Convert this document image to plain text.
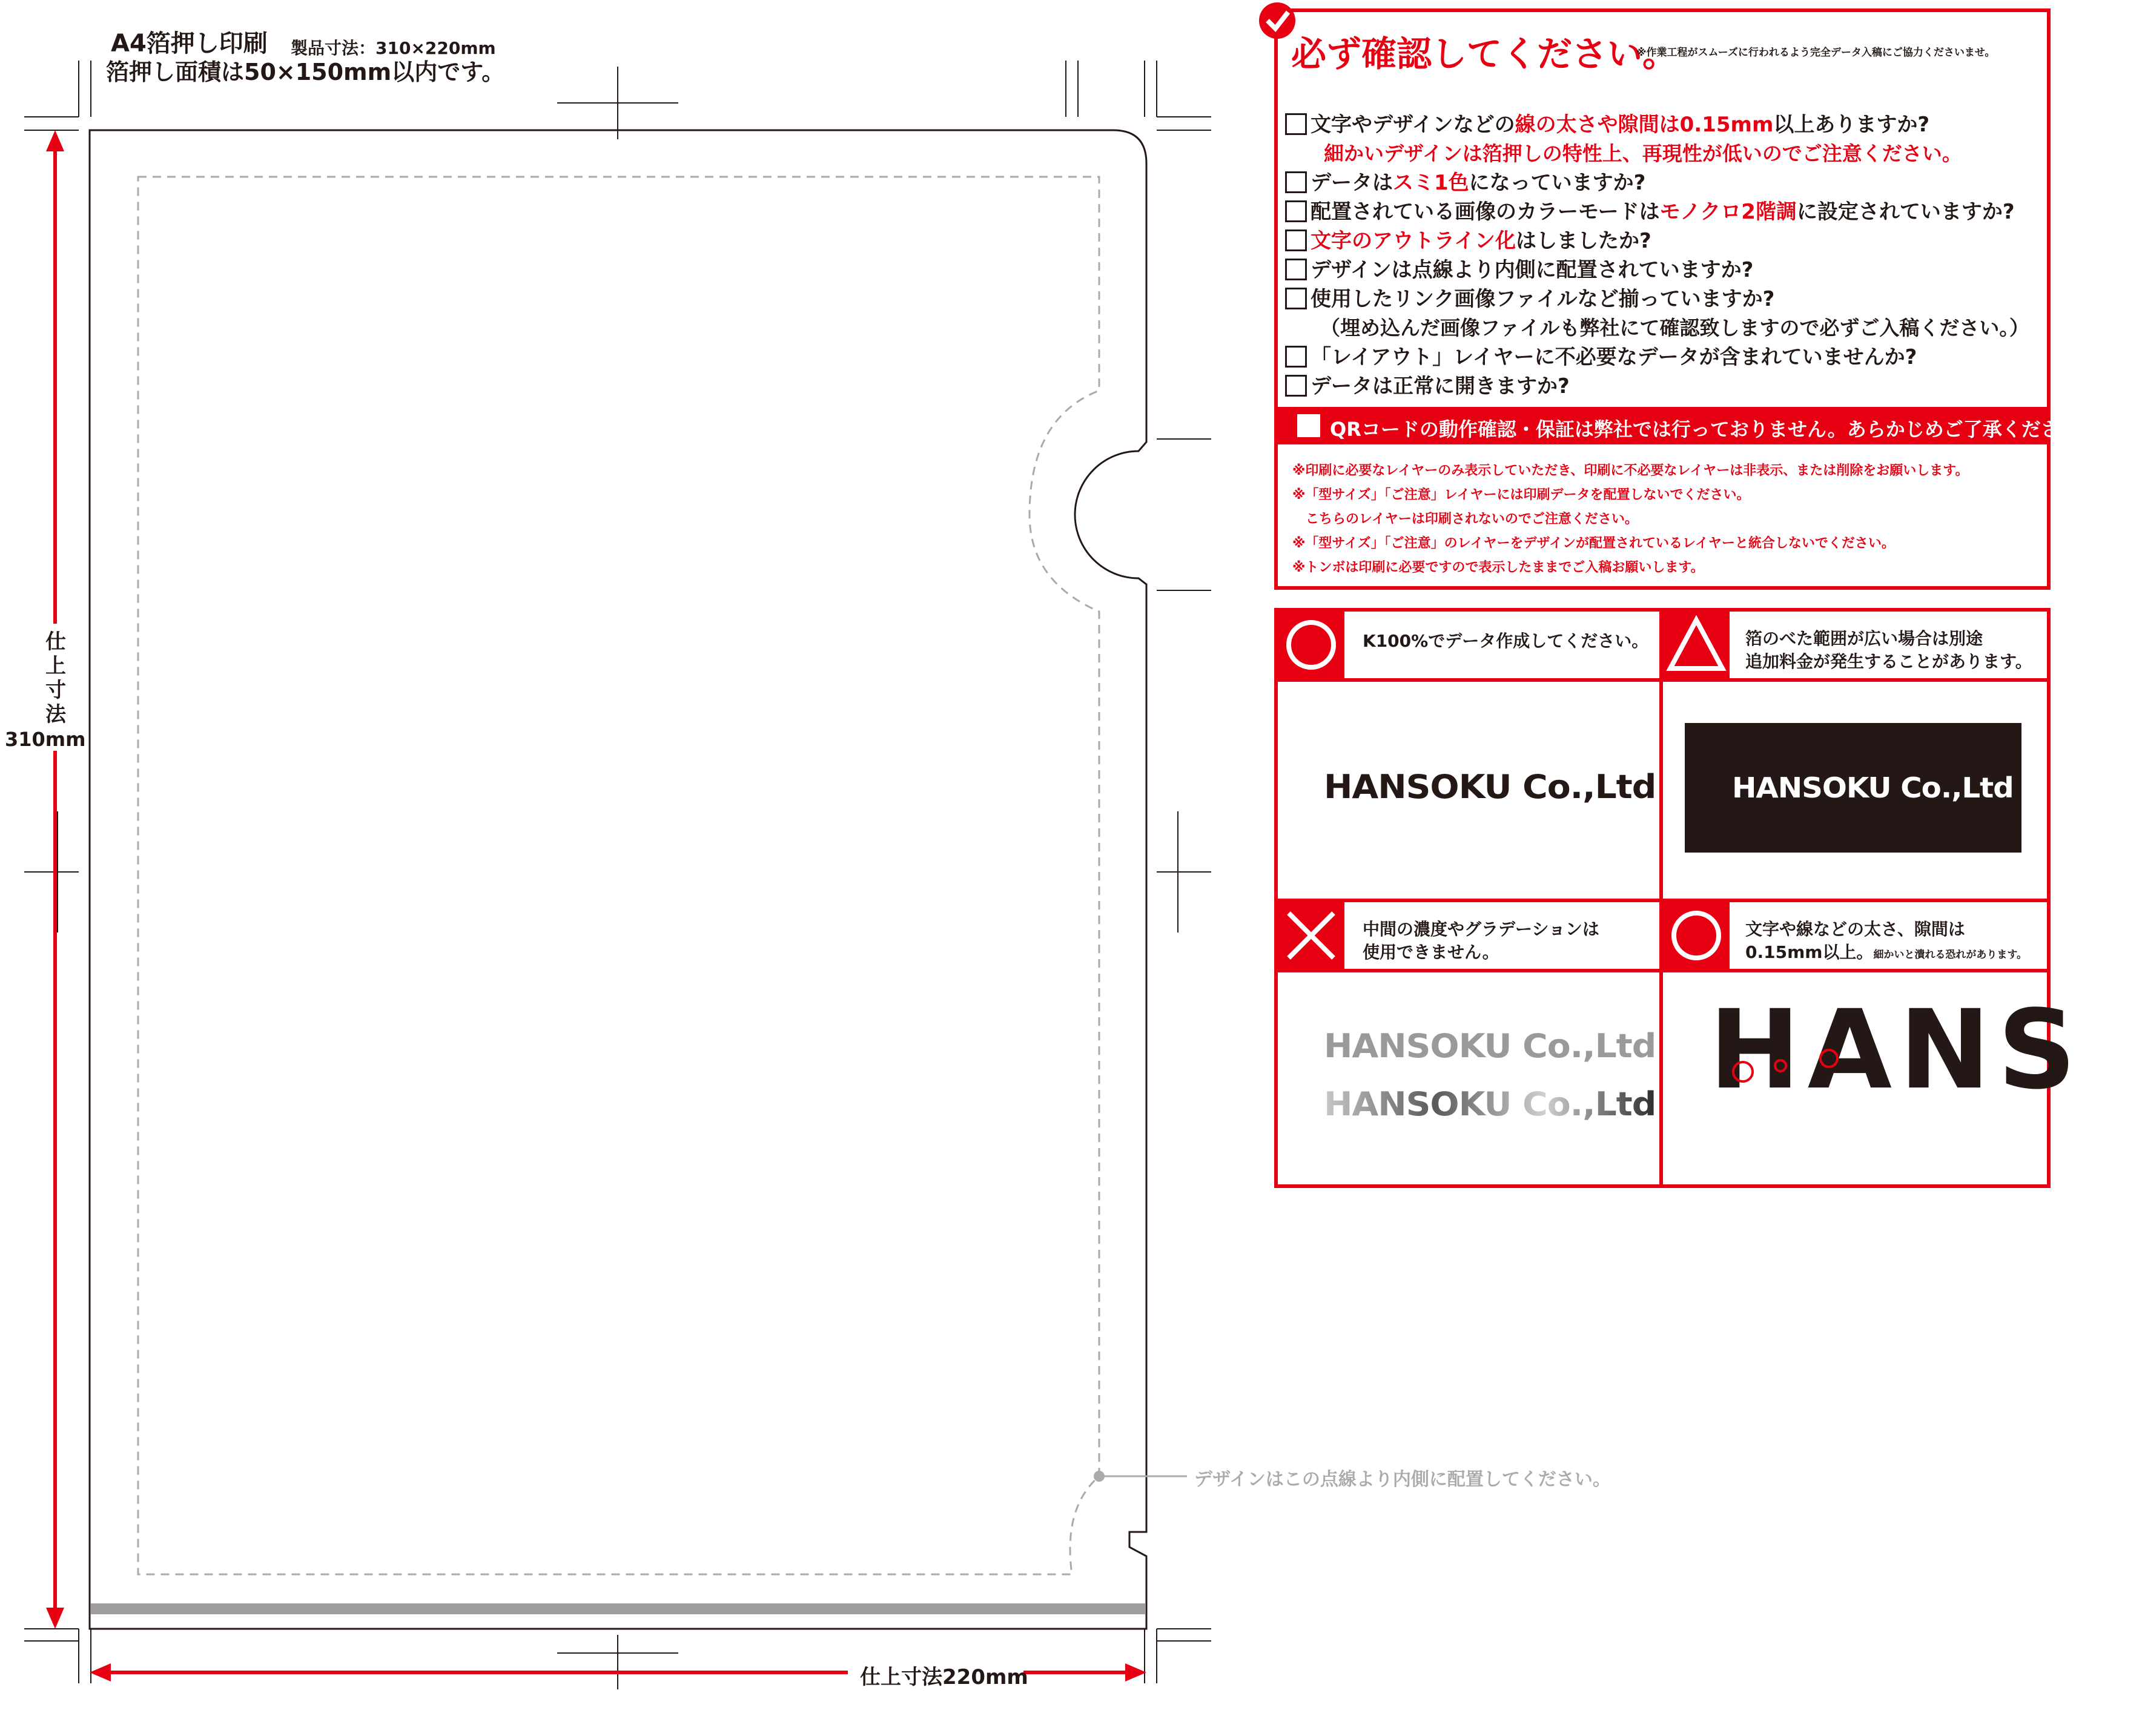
A4箔押し印刷 製品寸法：310×220mm
箔押し面積は50×150mm以内です。
仕
上
寸
法
310mm
仕上寸法220mm
デザインはこの点線より内側に配置してください。
必ず確認してください。
※作業工程がスムーズに行われるよう完全データ入稿にご協力くださいませ。
文字やデザインなどの線の太さや隙間は0.15mm以上ありますか?
細かいデザインは箔押しの特性上、再現性が低いのでご注意ください。
データはスミ1色になっていますか?
配置されている画像のカラーモードはモノクロ2階調に設定されていますか?
文字のアウトライン化はしましたか?
デザインは点線より内側に配置されていますか?
使用したリンク画像ファイルなど揃っていますか?
（埋め込んだ画像ファイルも弊社にて確認致しますので必ずご入稿ください。）
「レイアウト」レイヤーに不必要なデータが含まれていませんか?
データは正常に開きますか?
QRコードの動作確認・保証は弊社では行っておりません。あらかじめご了承ください。
※印刷に必要なレイヤーのみ表示していただき、印刷に不必要なレイヤーは非表示、または削除をお願いします。
※「型サイズ」「ご注意」レイヤーには印刷データを配置しないでください。
　こちらのレイヤーは印刷されないのでご注意ください。
※「型サイズ」「ご注意」のレイヤーをデザインが配置されているレイヤーと統合しないでください。
※トンボは印刷に必要ですので表示したままでご入稿お願いします。
K100%でデータ作成してください。
HANSOKU Co.,Ltd
箔のべた範囲が広い場合は別途
追加料金が発生することがあります。
HANSOKU Co.,Ltd
中間の濃度やグラデーションは
使用できません。
HANSOKU Co.,Ltd
HANSOKU Co.,Ltd
文字や線などの太さ、隙間は
0.15mm以上。細かいと潰れる恐れがあります。
HANS
